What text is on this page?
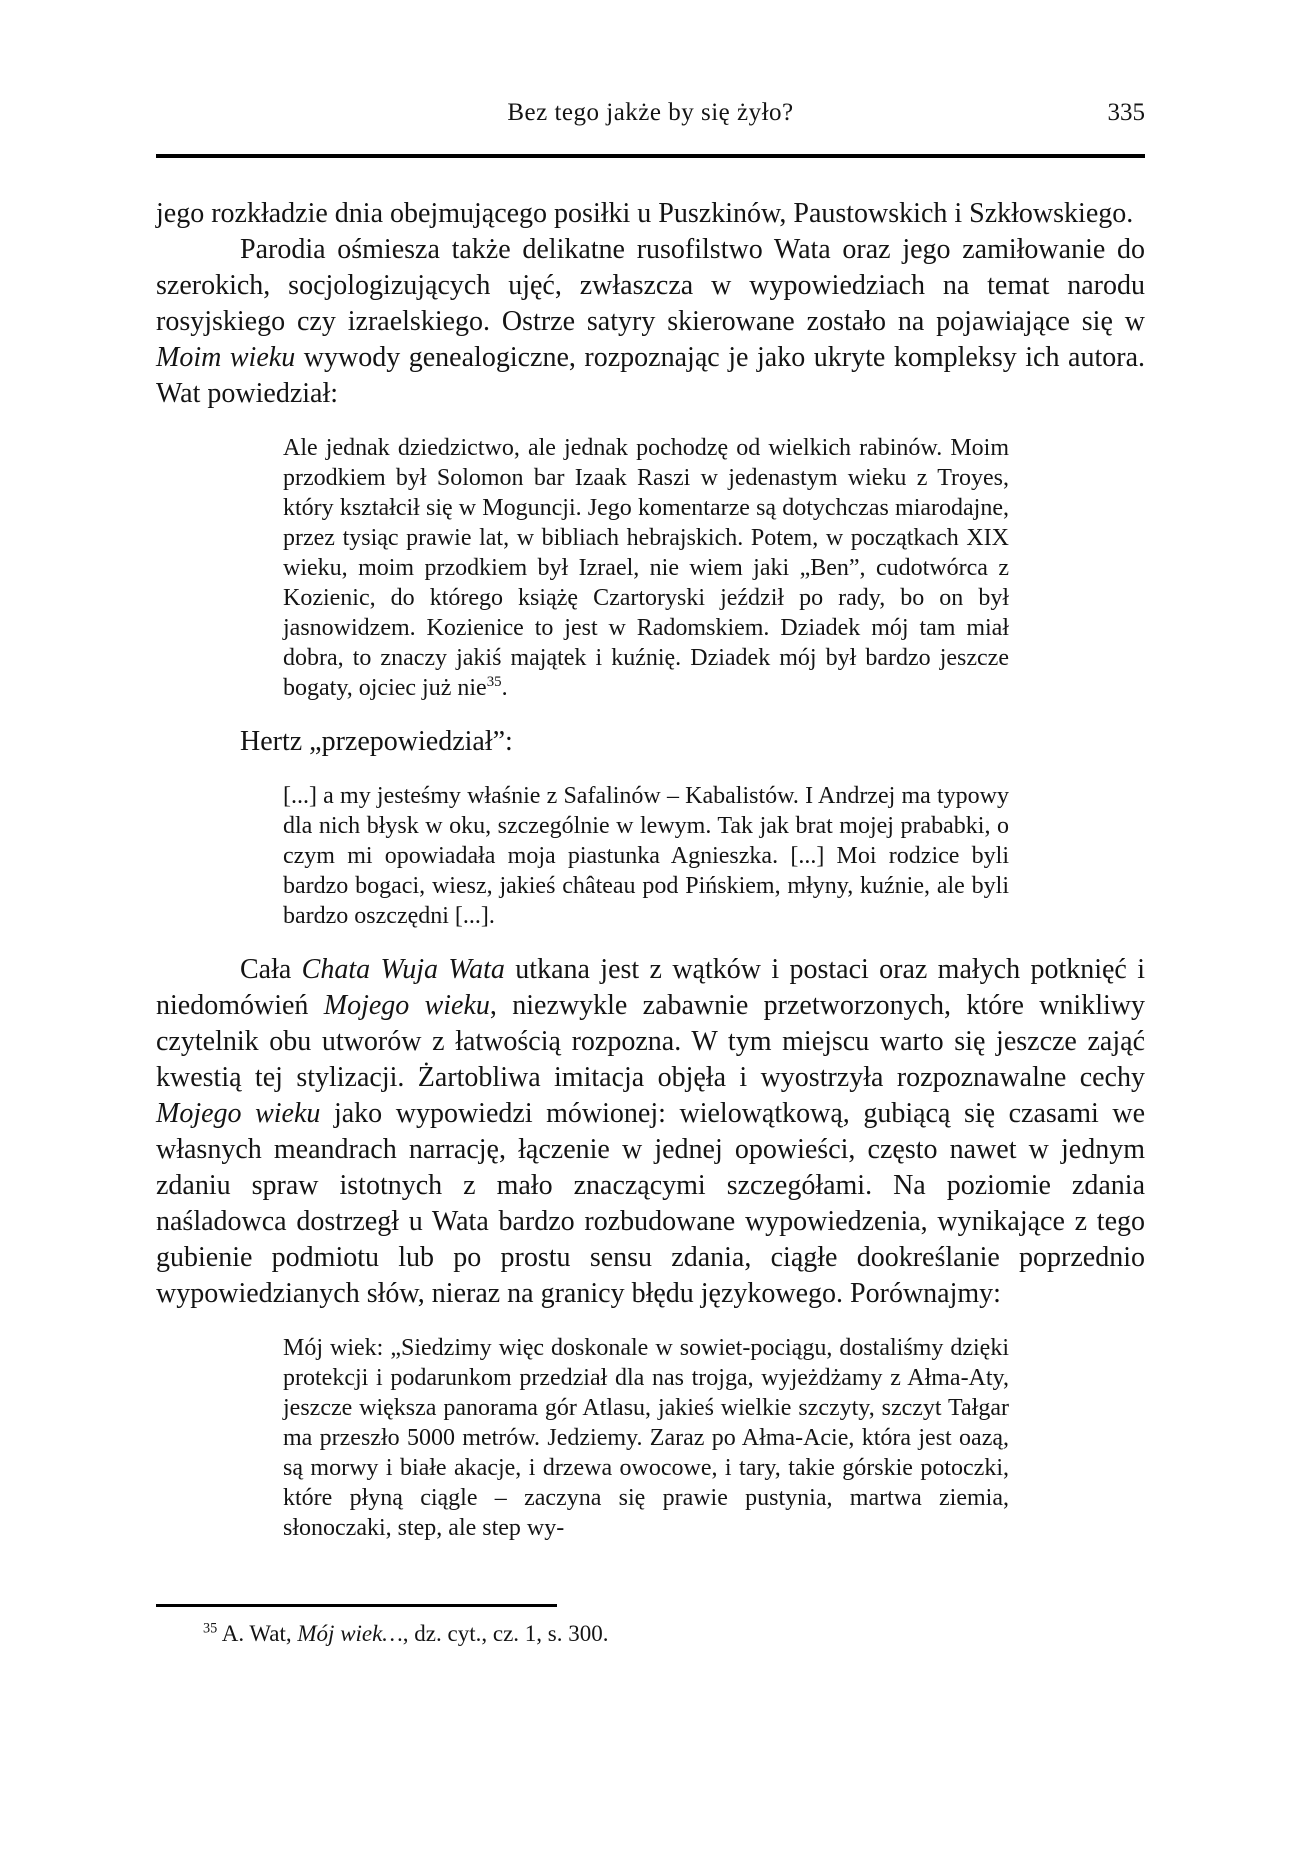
Bez tego jakże by się żyło?	335

jego rozkładzie dnia obejmującego posiłki u Puszkinów, Paustowskich i Szkłowskiego.

Parodia ośmiesza także delikatne rusofilstwo Wata oraz jego zamiłowanie do szerokich, socjologizujących ujęć, zwłaszcza w wypowiedziach na temat narodu rosyjskiego czy izraelskiego. Ostrze satyry skierowane zostało na pojawiające się w Moim wieku wywody genealogiczne, rozpoznając je jako ukryte kompleksy ich autora. Wat powiedział:

Ale jednak dziedzictwo, ale jednak pochodzę od wielkich rabinów. Moim przodkiem był Solomon bar Izaak Raszi w jedenastym wieku z Troyes, który kształcił się w Moguncji. Jego komentarze są dotychczas miarodajne, przez tysiąc prawie lat, w bibliach hebrajskich. Potem, w początkach XIX wieku, moim przodkiem był Izrael, nie wiem jaki „Ben”, cudotwórca z Kozienic, do którego książę Czartoryski jeździł po rady, bo on był jasnowidzem. Kozienice to jest w Radomskiem. Dziadek mój tam miał dobra, to znaczy jakiś majątek i kuźnię. Dziadek mój był bardzo jeszcze bogaty, ojciec już nie$^{35}$.

Hertz „przepowiedział”:

[...] a my jesteśmy właśnie z Safalinów – Kabalistów. I Andrzej ma typowy dla nich błysk w oku, szczególnie w lewym. Tak jak brat mojej prababki, o czym mi opowiadała moja piastunka Agnieszka. [...] Moi rodzice byli bardzo bogaci, wiesz, jakieś château pod Pińskiem, młyny, kuźnie, ale byli bardzo oszczędni [...].

Cała Chata Wuja Wata utkana jest z wątków i postaci oraz małych potknięć i niedomówień Mojego wieku, niezwykle zabawnie przetworzonych, które wnikliwy czytelnik obu utworów z łatwością rozpozna. W tym miejscu warto się jeszcze zająć kwestią tej stylizacji. Żartobliwa imitacja objęła i wyostrzyła rozpoznawalne cechy Mojego wieku jako wypowiedzi mówionej: wielowątkową, gubiącą się czasami we własnych meandrach narrację, łączenie w jednej opowieści, często nawet w jednym zdaniu spraw istotnych z mało znaczącymi szczegółami. Na poziomie zdania naśladowca dostrzegł u Wata bardzo rozbudowane wypowiedzenia, wynikające z tego gubienie podmiotu lub po prostu sensu zdania, ciągłe dookreślanie poprzednio wypowiedzianych słów, nieraz na granicy błędu językowego. Porównajmy:

Mój wiek: „Siedzimy więc doskonale w sowiet-pociągu, dostaliśmy dzięki protekcji i podarunkom przedział dla nas trojga, wyjeżdżamy z Ałma-Aty, jeszcze większa panorama gór Atlasu, jakieś wielkie szczyty, szczyt Tałgar ma przeszło 5000 metrów. Jedziemy. Zaraz po Ałma-Acie, która jest oazą, są morwy i białe akacje, i drzewa owocowe, i tary, takie górskie potoczki, które płyną ciągle – zaczyna się prawie pustynia, martwa ziemia, słonoczaki, step, ale step wy-

$^{35}$ A. Wat, Mój wiek…, dz. cyt., cz. 1, s. 300.
